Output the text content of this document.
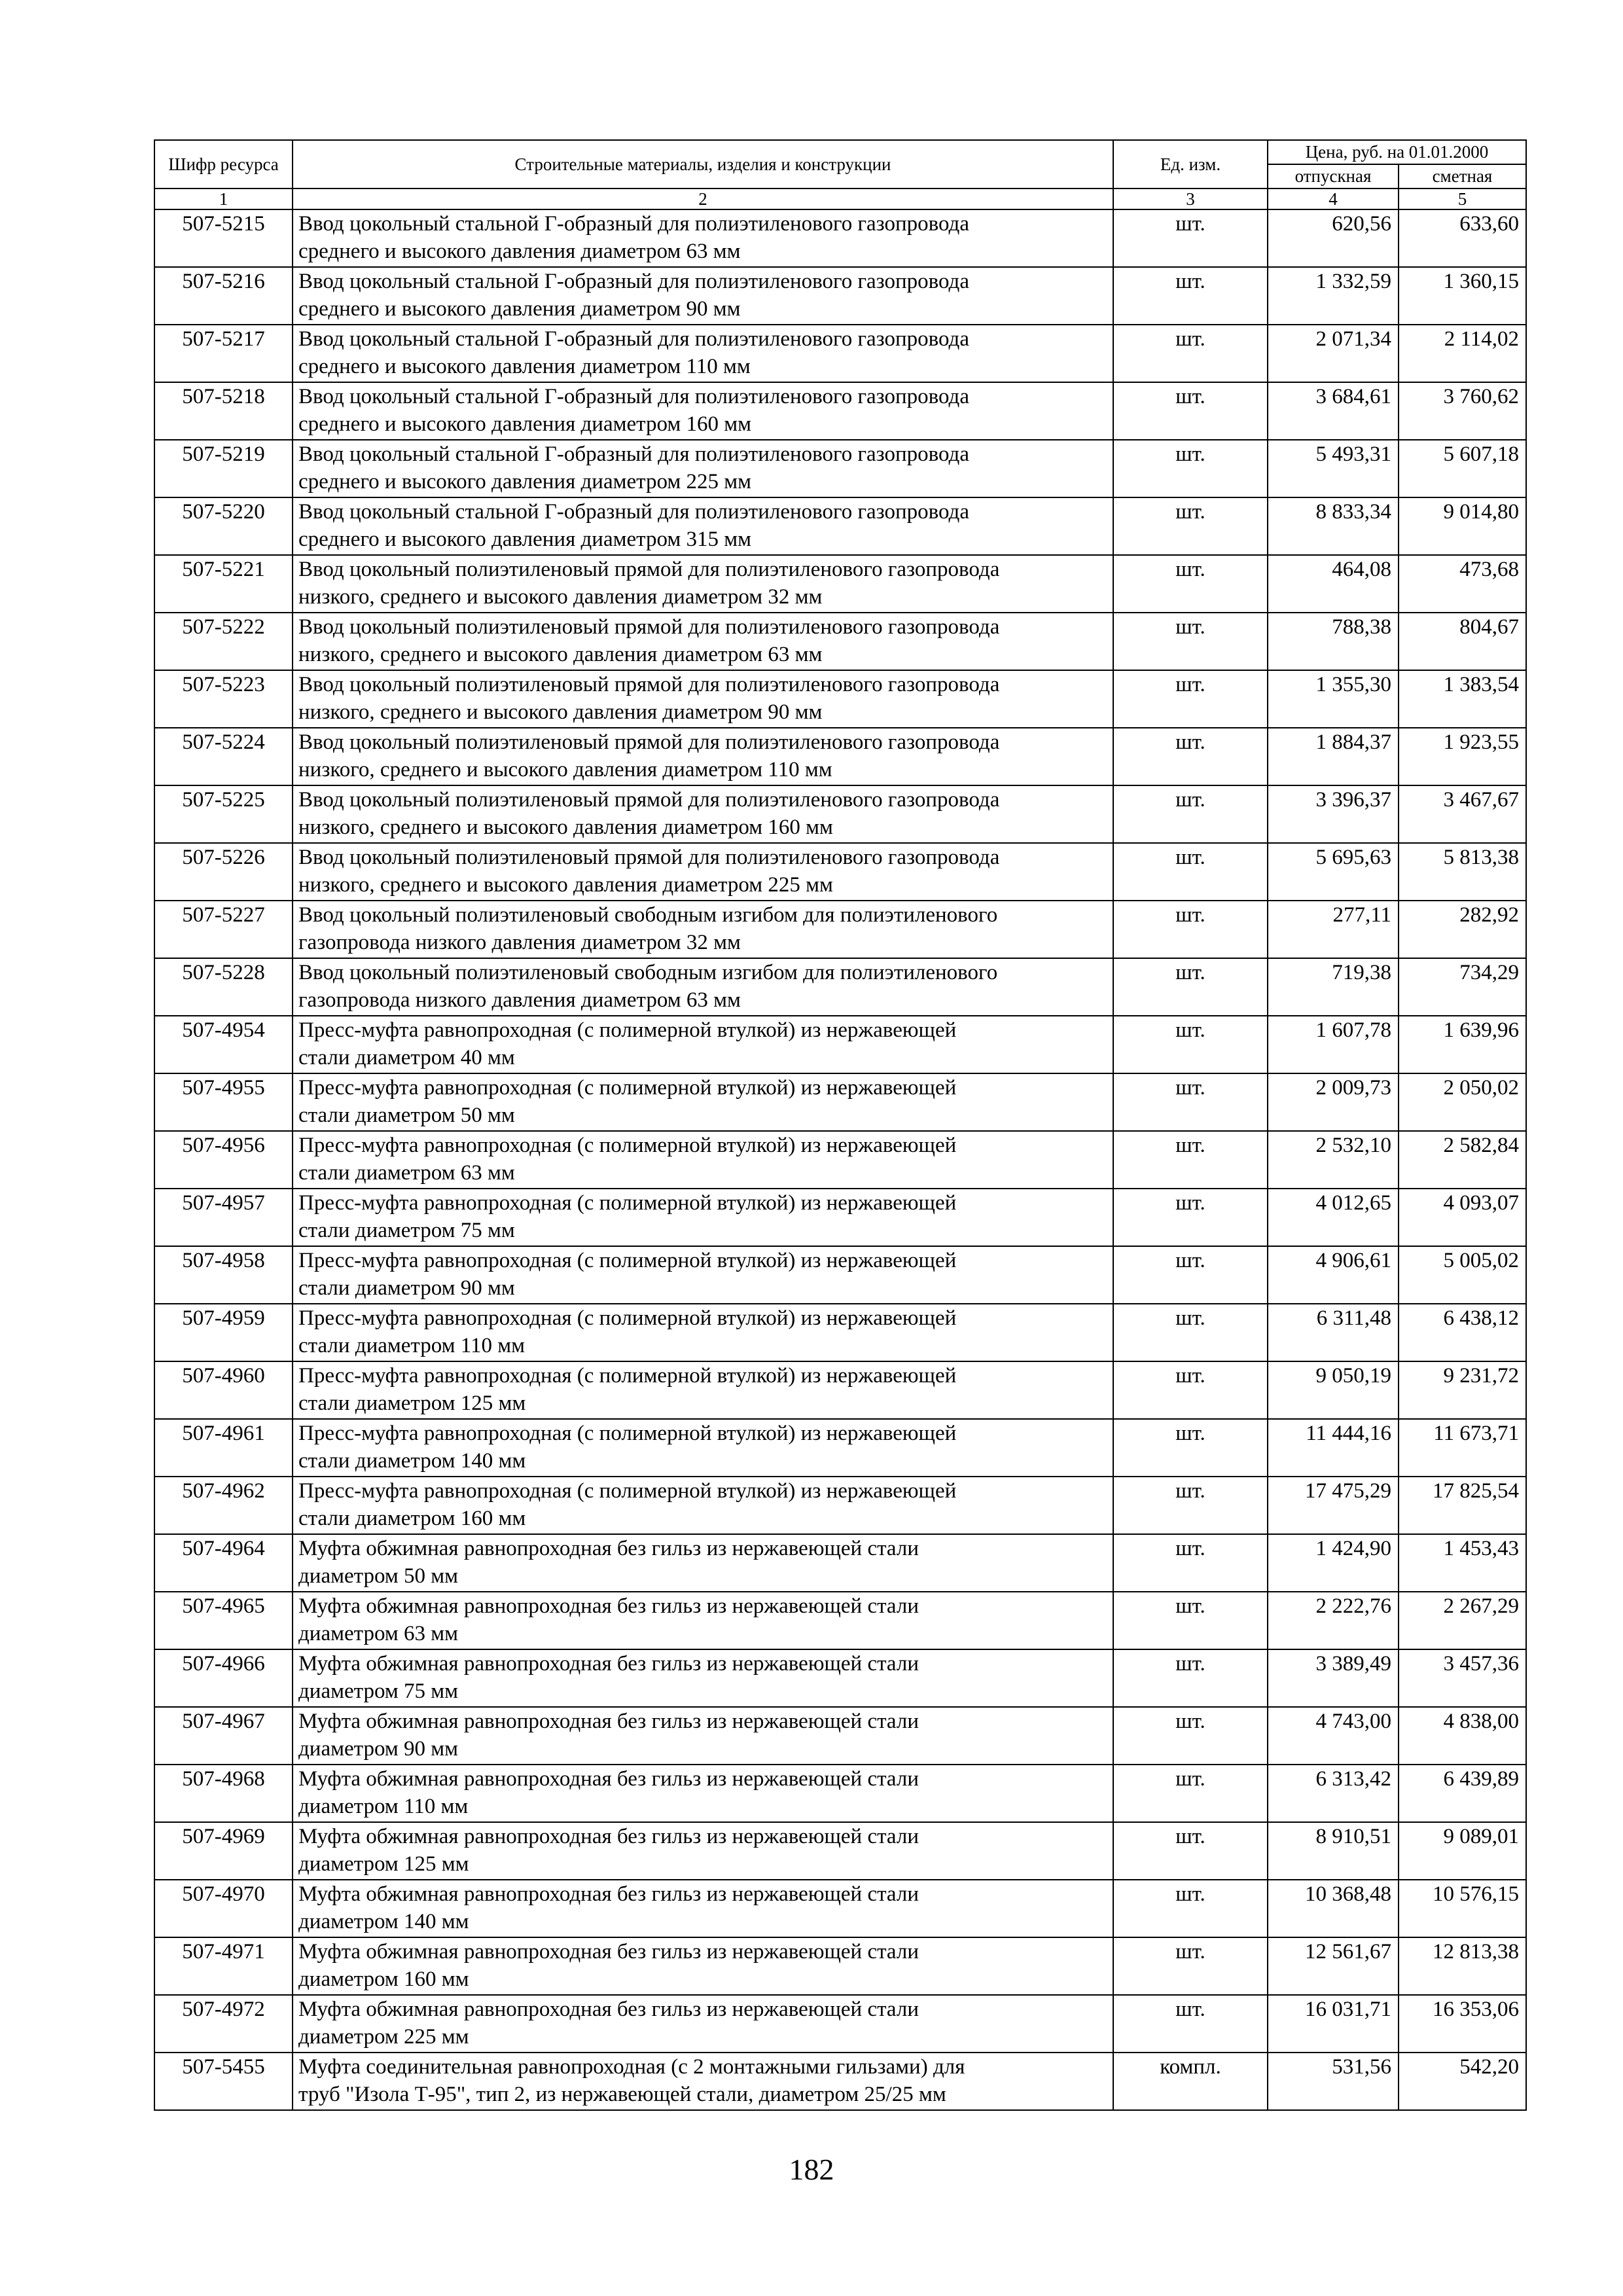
Шифр ресурса	Строительные материалы, изделия и конструкции	Ед. изм.	Цена, руб. на 01.01.2000	
			отпускная	сметная
1	2	3	4	5
507-5215	Ввод цокольный стальной Г-образный для полиэтиленового газопровода
среднего и высокого давления диаметром 63 мм	шт.	620,56	633,60
507-5216	Ввод цокольный стальной Г-образный для полиэтиленового газопровода
среднего и высокого давления диаметром 90 мм	шт.	1 332,59	1 360,15
507-5217	Ввод цокольный стальной Г-образный для полиэтиленового газопровода
среднего и высокого давления диаметром 110 мм	шт.	2 071,34	2 114,02
507-5218	Ввод цокольный стальной Г-образный для полиэтиленового газопровода
среднего и высокого давления диаметром 160 мм	шт.	3 684,61	3 760,62
507-5219	Ввод цокольный стальной Г-образный для полиэтиленового газопровода
среднего и высокого давления диаметром 225 мм	шт.	5 493,31	5 607,18
507-5220	Ввод цокольный стальной Г-образный для полиэтиленового газопровода
среднего и высокого давления диаметром 315 мм	шт.	8 833,34	9 014,80
507-5221	Ввод цокольный полиэтиленовый прямой для полиэтиленового газопровода
низкого, среднего и высокого давления диаметром 32 мм	шт.	464,08	473,68
507-5222	Ввод цокольный полиэтиленовый прямой для полиэтиленового газопровода
низкого, среднего и высокого давления диаметром 63 мм	шт.	788,38	804,67
507-5223	Ввод цокольный полиэтиленовый прямой для полиэтиленового газопровода
низкого, среднего и высокого давления диаметром 90 мм	шт.	1 355,30	1 383,54
507-5224	Ввод цокольный полиэтиленовый прямой для полиэтиленового газопровода
низкого, среднего и высокого давления диаметром 110 мм	шт.	1 884,37	1 923,55
507-5225	Ввод цокольный полиэтиленовый прямой для полиэтиленового газопровода
низкого, среднего и высокого давления диаметром 160 мм	шт.	3 396,37	3 467,67
507-5226	Ввод цокольный полиэтиленовый прямой для полиэтиленового газопровода
низкого, среднего и высокого давления диаметром 225 мм	шт.	5 695,63	5 813,38
507-5227	Ввод цокольный полиэтиленовый свободным изгибом для полиэтиленового
газопровода низкого давления диаметром 32 мм	шт.	277,11	282,92
507-5228	Ввод цокольный полиэтиленовый свободным изгибом для полиэтиленового
газопровода низкого давления диаметром 63 мм	шт.	719,38	734,29
507-4954	Пресс-муфта равнопроходная (с полимерной втулкой) из нержавеющей
стали диаметром 40 мм	шт.	1 607,78	1 639,96
507-4955	Пресс-муфта равнопроходная (с полимерной втулкой) из нержавеющей
стали диаметром 50 мм	шт.	2 009,73	2 050,02
507-4956	Пресс-муфта равнопроходная (с полимерной втулкой) из нержавеющей
стали диаметром 63 мм	шт.	2 532,10	2 582,84
507-4957	Пресс-муфта равнопроходная (с полимерной втулкой) из нержавеющей
стали диаметром 75 мм	шт.	4 012,65	4 093,07
507-4958	Пресс-муфта равнопроходная (с полимерной втулкой) из нержавеющей
стали диаметром 90 мм	шт.	4 906,61	5 005,02
507-4959	Пресс-муфта равнопроходная (с полимерной втулкой) из нержавеющей
стали диаметром 110 мм	шт.	6 311,48	6 438,12
507-4960	Пресс-муфта равнопроходная (с полимерной втулкой) из нержавеющей
стали диаметром 125 мм	шт.	9 050,19	9 231,72
507-4961	Пресс-муфта равнопроходная (с полимерной втулкой) из нержавеющей
стали диаметром 140 мм	шт.	11 444,16	11 673,71
507-4962	Пресс-муфта равнопроходная (с полимерной втулкой) из нержавеющей
стали диаметром 160 мм	шт.	17 475,29	17 825,54
507-4964	Муфта обжимная равнопроходная без гильз из нержавеющей стали
диаметром 50 мм	шт.	1 424,90	1 453,43
507-4965	Муфта обжимная равнопроходная без гильз из нержавеющей стали
диаметром 63 мм	шт.	2 222,76	2 267,29
507-4966	Муфта обжимная равнопроходная без гильз из нержавеющей стали
диаметром 75 мм	шт.	3 389,49	3 457,36
507-4967	Муфта обжимная равнопроходная без гильз из нержавеющей стали
диаметром 90 мм	шт.	4 743,00	4 838,00
507-4968	Муфта обжимная равнопроходная без гильз из нержавеющей стали
диаметром 110 мм	шт.	6 313,42	6 439,89
507-4969	Муфта обжимная равнопроходная без гильз из нержавеющей стали
диаметром 125 мм	шт.	8 910,51	9 089,01
507-4970	Муфта обжимная равнопроходная без гильз из нержавеющей стали
диаметром 140 мм	шт.	10 368,48	10 576,15
507-4971	Муфта обжимная равнопроходная без гильз из нержавеющей стали
диаметром 160 мм	шт.	12 561,67	12 813,38
507-4972	Муфта обжимная равнопроходная без гильз из нержавеющей стали
диаметром 225 мм	шт.	16 031,71	16 353,06
507-5455	Муфта соединительная равнопроходная (с 2 монтажными гильзами) для
труб "Изола Т-95", тип 2, из нержавеющей стали, диаметром 25/25 мм	компл.	531,56	542,20
182
